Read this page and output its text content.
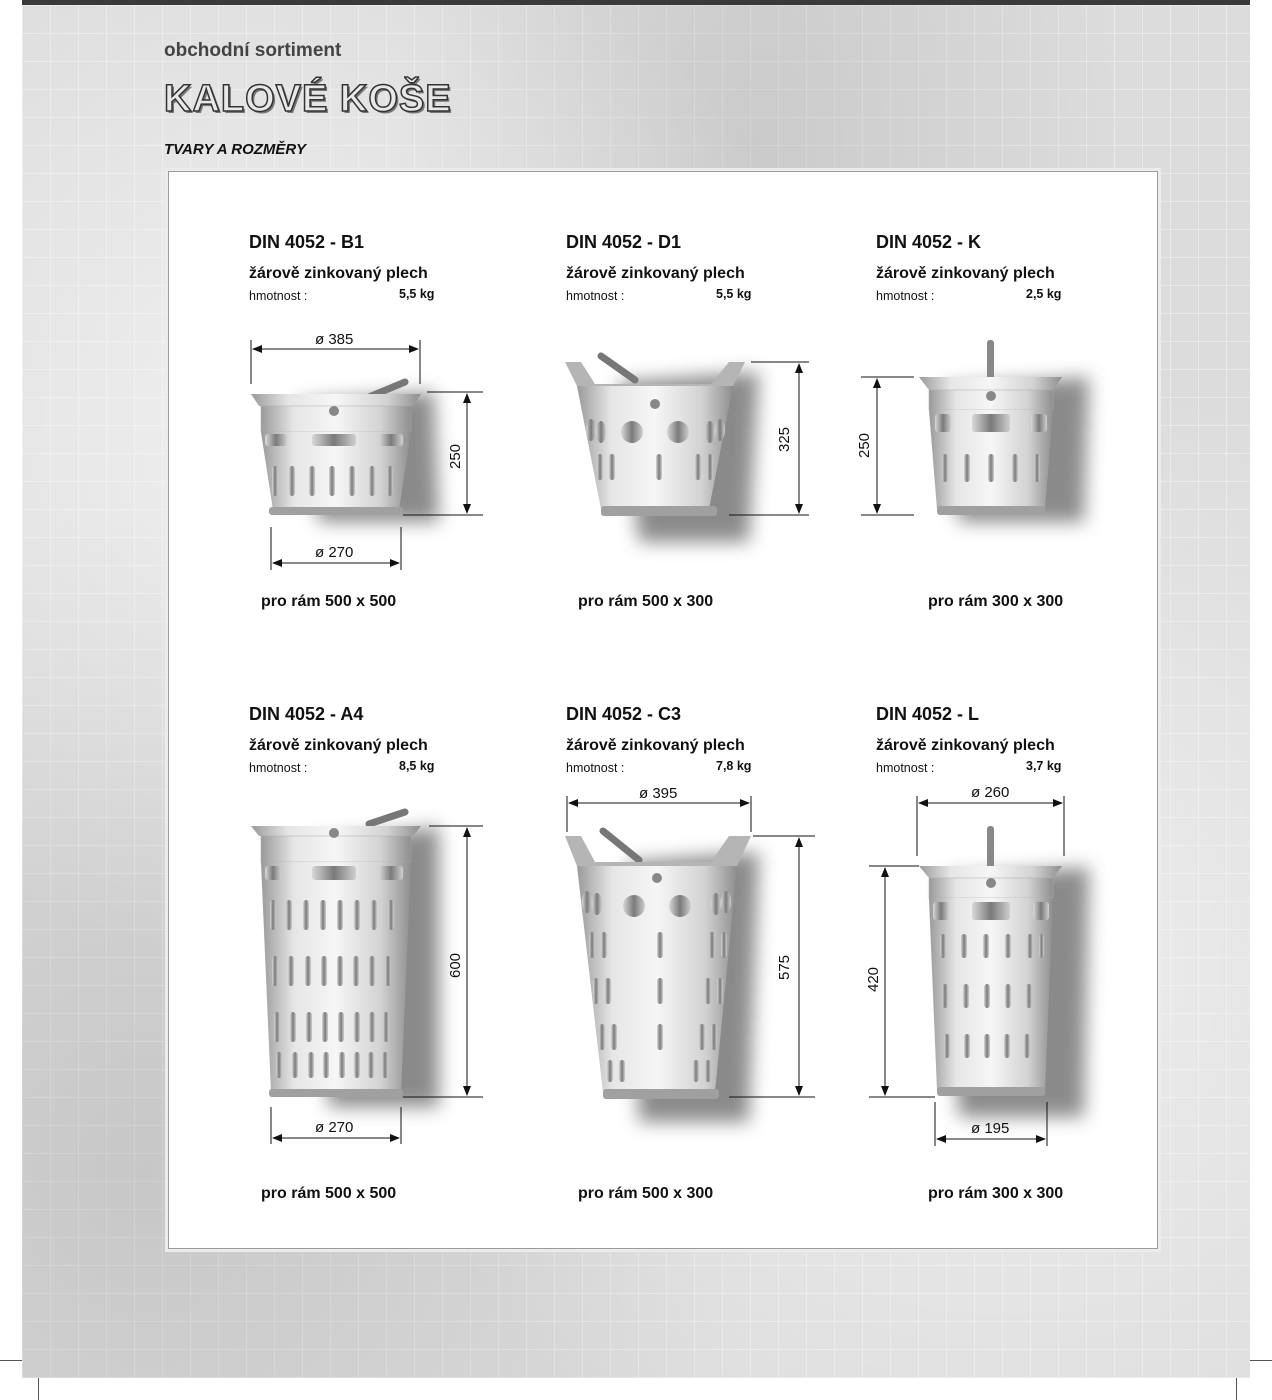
obchodní sortiment

KALOVÉ KOŠE

TVARY A ROZMĚRY

DIN 4052 - B1
žárově zinkovaný plech
hmotnost :	5,5 kg
pro rám 500 x 500
DIN 4052 - D1
žárově zinkovaný plech
hmotnost :	5,5 kg
pro rám 500 x 300
DIN 4052 - K
žárově zinkovaný plech
hmotnost :	2,5 kg
pro rám 300 x 300
DIN 4052 - A4
žárově zinkovaný plech
hmotnost :	8,5 kg
pro rám 500 x 500
DIN 4052 - C3
žárově zinkovaný plech
hmotnost :	7,8 kg
pro rám 500 x 300
DIN 4052 - L
žárově zinkovaný plech
hmotnost :	3,7 kg
pro rám 300 x 300
ø 385
ø 270
250
325	250
ø 270
600
ø 395
575
ø 260
ø 195
420
